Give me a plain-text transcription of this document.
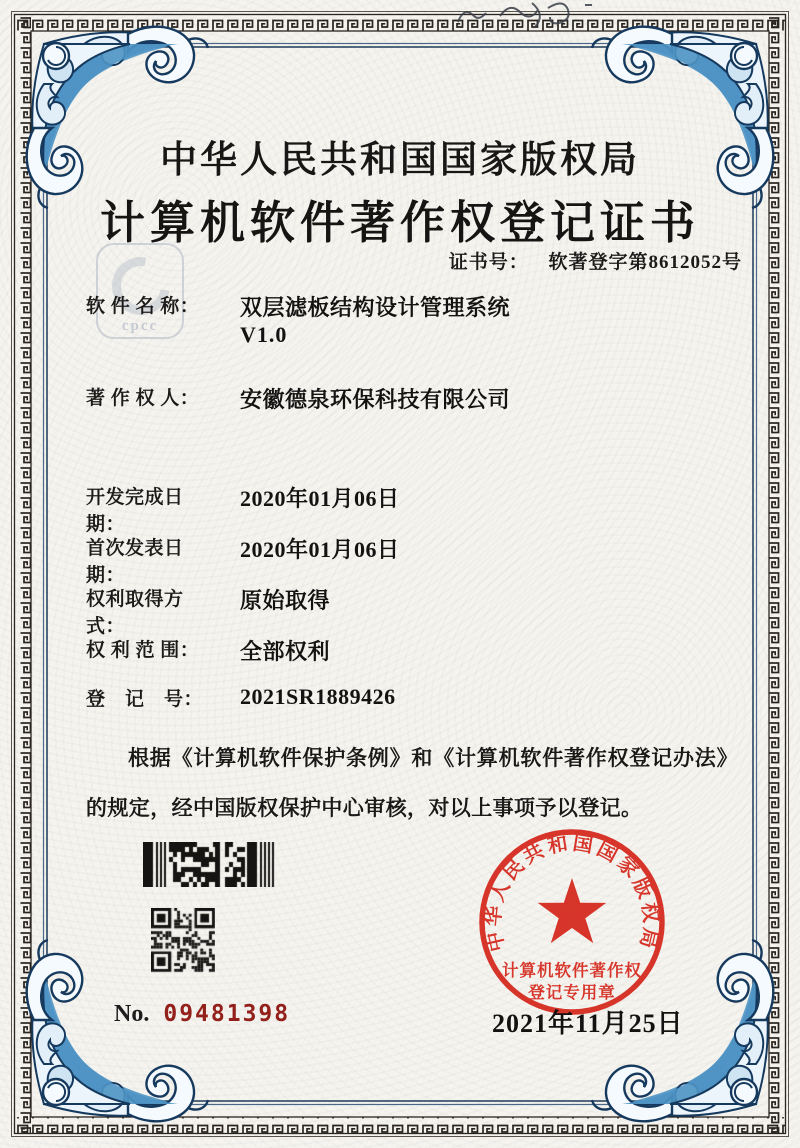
cpcc
中华人民共和国国家版权局
计算机软件著作权登记证书
证书号： 软著登字第8612052号
软 件 名 称：	双层滤板结构设计管理系统
V1.0
著 作 权 人：	安徽德泉环保科技有限公司
开发完成日期：
2020年01月06日
首次发表日期：
2020年01月06日
权利取得方式：
原始取得
权 利 范 围：	全部权利
登　记　号：	2021SR1889426
根据《计算机软件保护条例》和《计算机软件著作权登记办法》的规定，经中国版权保护中心审核，对以上事项予以登记。
No. 09481398
中华人民共和国国家版权局
计算机软件著作权
登记专用章
2021年11月25日
